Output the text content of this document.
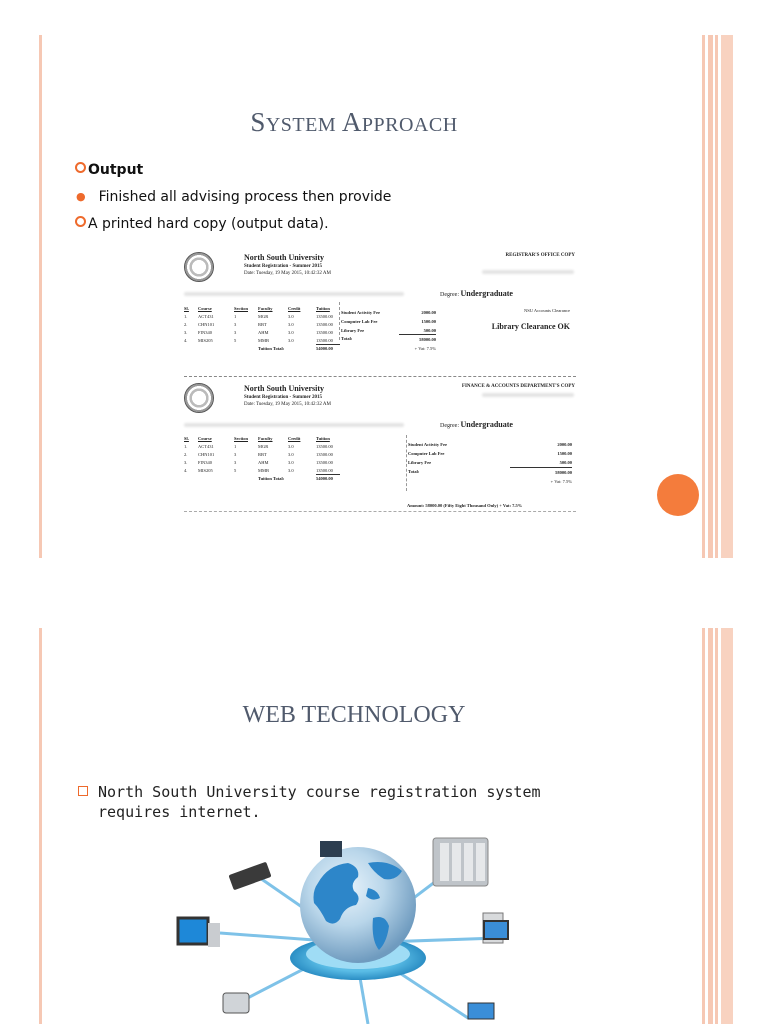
SYSTEM APPROACH
Output
● Finished all advising process then provide
A printed hard copy (output data).
North South University
Student Registration - Summer 2015
Date: Tuesday, 19 May 2015, 10:42:32 AM
REGISTRAR'S OFFICE COPY
Degree: Undergraduate
Sl. Course	Section Faculty	Credit	Tuition
1. ACT431	1	MGR	3.0	13500.00
2. CHN101	3	RBT	3.0	13500.00
3. FIN340	3	AHM	3.0	13500.00
4. MIS205	5	MMB	3.0	13500.00
Tuition Total:	54000.00
Student Activity Fee	2000.00
Computer Lab Fee	1500.00
Library Fee	500.00
Total:	58000.00
+ Vat: 7.5%
NSU Accounts Clearance
Library Clearance OK
North South University
Student Registration - Summer 2015
Date: Tuesday, 19 May 2015, 10:42:32 AM
FINANCE & ACCOUNTS DEPARTMENT'S COPY
Degree: Undergraduate
Sl. Course	Section Faculty	Credit	Tuition
1. ACT431	1	MGR	3.0	13500.00
2. CHN101	3	RBT	3.0	13500.00
3. FIN340	3	AHM	3.0	13500.00
4. MIS205	5	MMB	3.0	13500.00
Tuition Total:	54000.00
Student Activity Fee	2000.00
Computer Lab Fee	1500.00
Library Fee	500.00
Total:	58000.00
+ Vat: 7.5%
Amount: 58000.00 (Fifty Eight Thousand Only) + Vat: 7.5%
WEB TECHNOLOGY
North South University course registration system requires internet.
